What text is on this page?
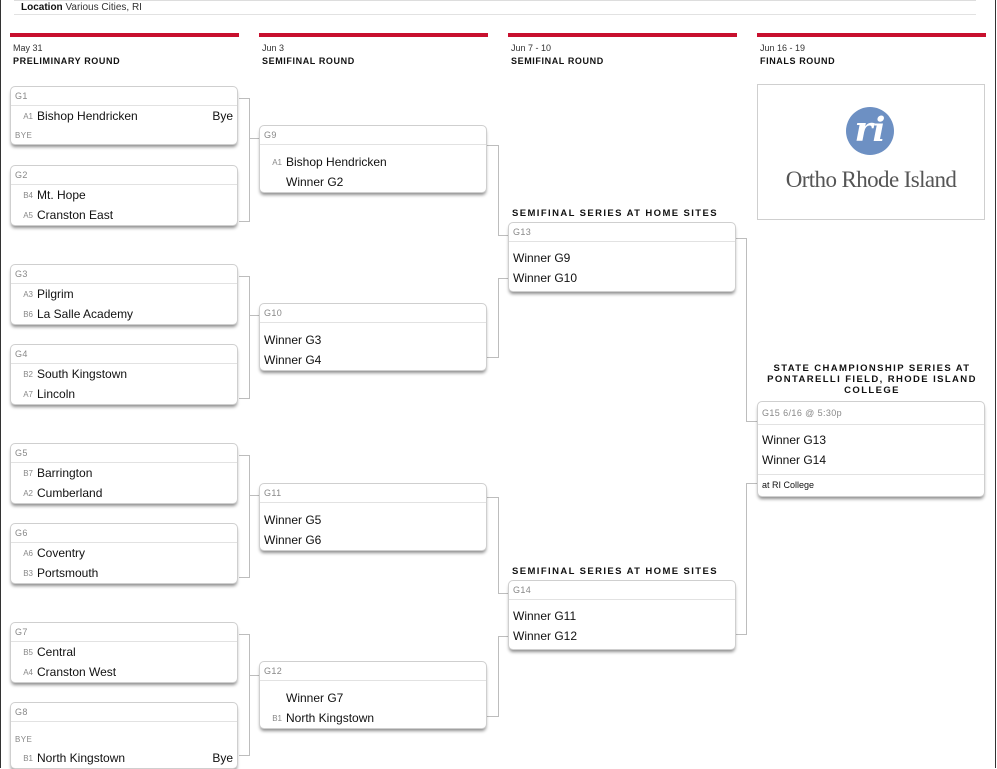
Location Various Cities, RI
May 31
PRELIMINARY ROUND
Jun 3
SEMIFINAL ROUND
Jun 7 - 10
SEMIFINAL ROUND
Jun 16 - 19
FINALS ROUND
G1
A1 Bishop Hendricken	Bye
BYE
G2
B4 Mt. Hope
A5 Cranston East
G3
A3 Pilgrim
B6 La Salle Academy
G4
B2 South Kingstown
A7 Lincoln
G5
B7 Barrington
A2 Cumberland
G6
A6 Coventry
B3 Portsmouth
G7
B5 Central
A4 Cranston West
G8
BYE
B1 North Kingstown	Bye
G9
A1 Bishop Hendricken
Winner G2
G10
Winner G3
Winner G4
G11
Winner G5
Winner G6
G12
Winner G7
B1 North Kingstown
SEMIFINAL SERIES AT HOME SITES
G13
Winner G9
Winner G10
SEMIFINAL SERIES AT HOME SITES
G14
Winner G11
Winner G12
ri
Ortho Rhode Island
STATE CHAMPIONSHIP SERIES AT PONTARELLI FIELD, RHODE ISLAND COLLEGE
G15 6/16 @ 5:30p
Winner G13
Winner G14
at RI College
